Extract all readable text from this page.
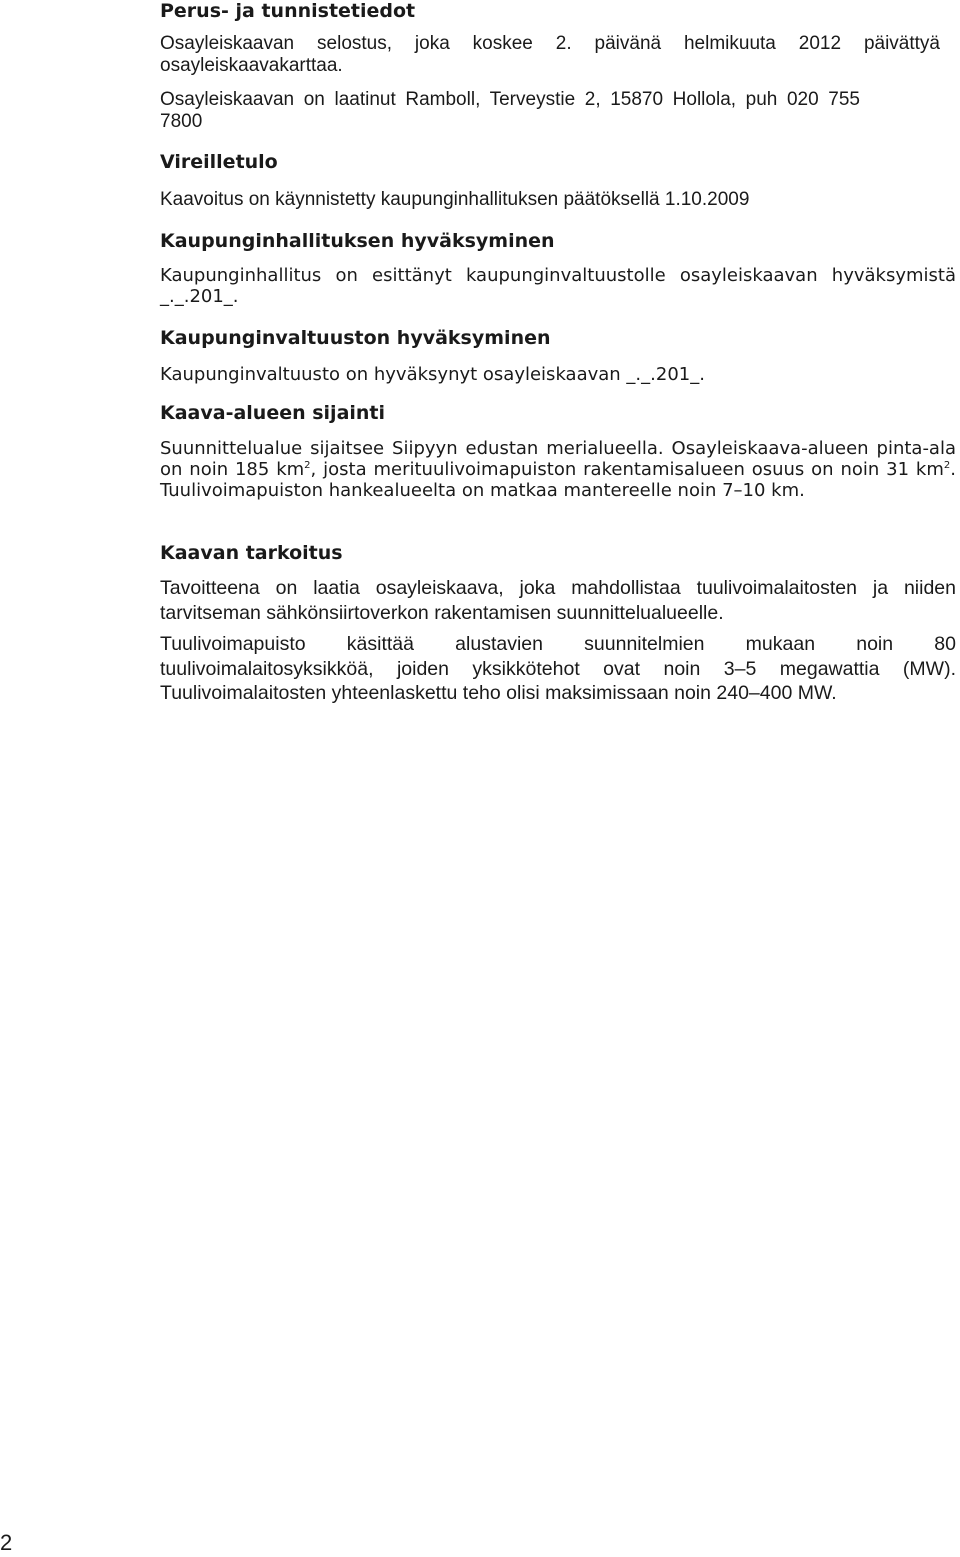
Perus- ja tunnistetiedot

Osayleiskaavan selostus, joka koskee 2. päivänä helmikuuta 2012 päivättyä osayleiskaavakarttaa.

Osayleiskaavan on laatinut Ramboll, Terveystie 2, 15870 Hollola, puh 020 755 7800

Vireilletulo

Kaavoitus on käynnistetty kaupunginhallituksen päätöksellä 1.10.2009

Kaupunginhallituksen hyväksyminen

Kaupunginhallitus on esittänyt kaupunginvaltuustolle osayleiskaavan hyväksymistä _._.201_.

Kaupunginvaltuuston hyväksyminen

Kaupunginvaltuusto on hyväksynyt osayleiskaavan _._.201_.

Kaava-alueen sijainti

Suunnittelualue sijaitsee Siipyyn edustan merialueella. Osayleiskaava-alueen pinta-ala on noin 185 $km^2$, josta merituulivoimapuiston rakentamisalueen osuus on noin 31 $km^2$. Tuulivoimapuiston hankealueelta on matkaa mantereelle noin 7–10 km.

Kaavan tarkoitus

Tavoitteena on laatia osayleiskaava, joka mahdollistaa tuulivoimalaitosten ja niiden tarvitseman sähkönsiirtoverkon rakentamisen suunnittelualueelle.

Tuulivoimapuisto käsittää alustavien suunnitelmien mukaan noin 80 tuulivoimalaitosyksikköä, joiden yksikkötehot ovat noin 3–5 megawattia (MW). Tuulivoimalaitosten yhteenlaskettu teho olisi maksimissaan noin 240–400 MW.

2
